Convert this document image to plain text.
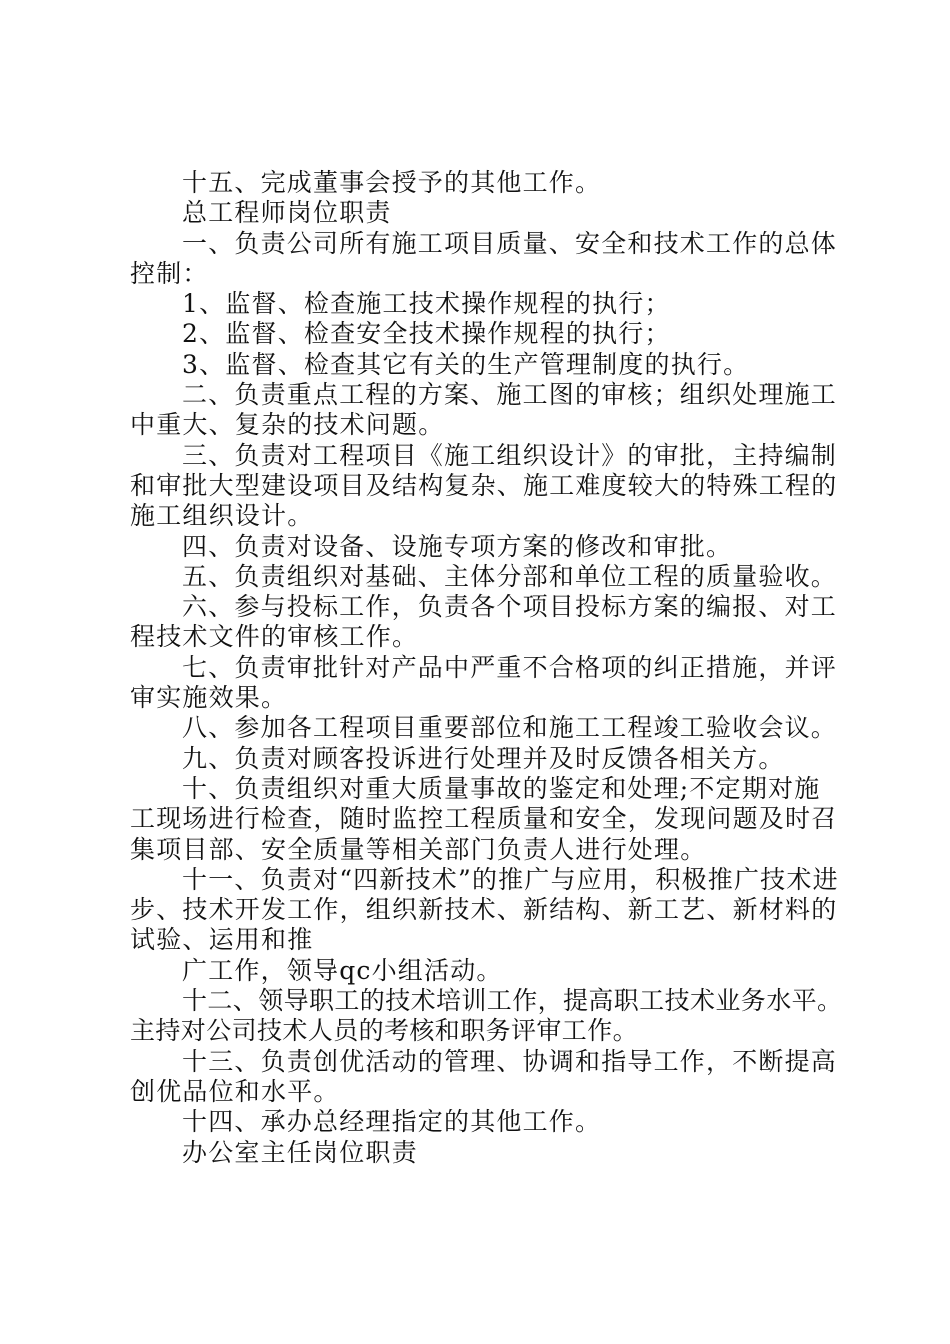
十五、完成董事会授予的其他工作。

总工程师岗位职责

一、负责公司所有施工项目质量、安全和技术工作的总体控制：

1、监督、检查施工技术操作规程的执行；

2、监督、检查安全技术操作规程的执行；

3、监督、检查其它有关的生产管理制度的执行。

二、负责重点工程的方案、施工图的审核；组织处理施工中重大、复杂的技术问题。

三、负责对工程项目《施工组织设计》的审批，主持编制和审批大型建设项目及结构复杂、施工难度较大的特殊工程的施工组织设计。

四、负责对设备、设施专项方案的修改和审批。

五、负责组织对基础、主体分部和单位工程的质量验收。

六、参与投标工作，负责各个项目投标方案的编报、对工程技术文件的审核工作。

七、负责审批针对产品中严重不合格项的纠正措施，并评审实施效果。

八、参加各工程项目重要部位和施工工程竣工验收会议。

九、负责对顾客投诉进行处理并及时反馈各相关方。

十、负责组织对重大质量事故的鉴定和处理;不定期对施工现场进行检查，随时监控工程质量和安全，发现问题及时召集项目部、安全质量等相关部门负责人进行处理。

十一、负责对“四新技术”的推广与应用，积极推广技术进步、技术开发工作，组织新技术、新结构、新工艺、新材料的试验、运用和推

广工作，领导qc小组活动。

十二、领导职工的技术培训工作，提高职工技术业务水平。主持对公司技术人员的考核和职务评审工作。

十三、负责创优活动的管理、协调和指导工作，不断提高创优品位和水平。

十四、承办总经理指定的其他工作。

办公室主任岗位职责
